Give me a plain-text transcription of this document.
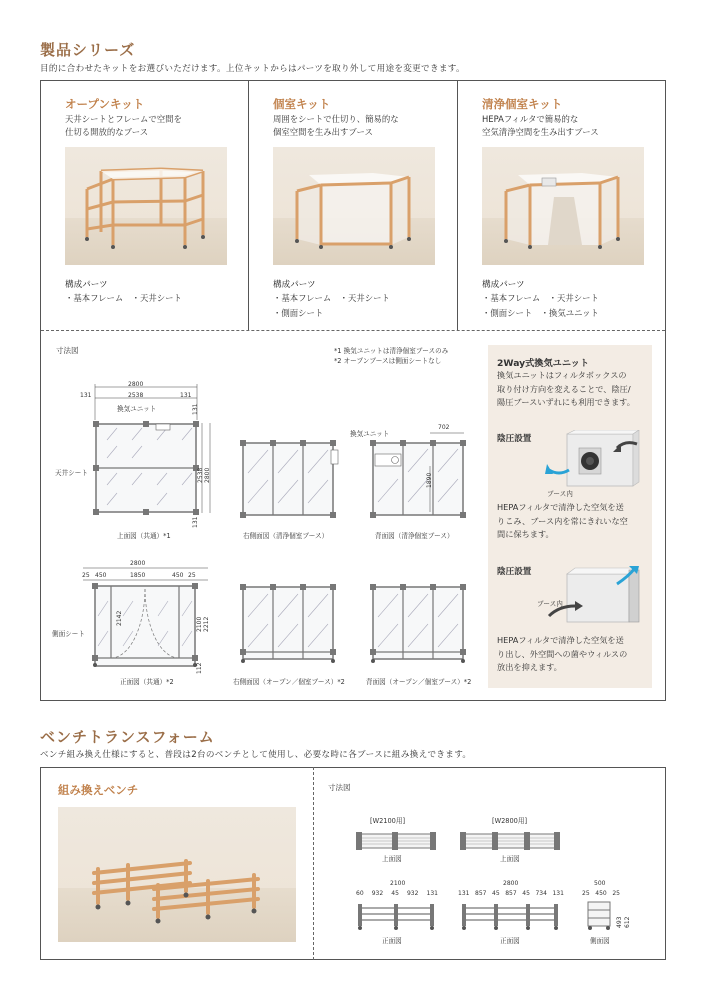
製品シリーズ
目的に合わせたキットをお選びいただけます。上位キットからはパーツを取り外して用途を変更できます。
オープンキット
天井シートとフレームで空間を
仕切る開放的なブース
構成パーツ
・基本フレーム　・天井シート
個室キット
周囲をシートで仕切り、簡易的な
個室空間を生み出すブース
構成パーツ
・基本フレーム　・天井シート
・側面シート
清浄個室キット
HEPAフィルタで簡易的な
空気清浄空間を生み出すブース
構成パーツ
・基本フレーム　・天井シート
・側面シート　・換気ユニット
寸法図	*1 換気ユニットは清浄個室ブースのみ
*2 オープンブースは側面シートなし
2800
131	2538	131
換気ユニット
天井シート
131
2538 2800
131
上面図（共通）*1	右側面図（清浄個室ブース）
換気ユニット
702
1890
背面図（清浄個室ブース）
2800
25 450	1850	450 25
側面シート
2142	2100 2212
112
正面図（共通）*2	右側面図（オープン／個室ブース）*2	背面図（オープン／個室ブース）*2
2Way式換気ユニット
換気ユニットはフィルタボックスの
取り付け方向を変えることで、陰圧/
陽圧ブースいずれにも利用できます。
陰圧設置
ブース内
HEPAフィルタで清浄した空気を送
りこみ、ブース内を常にきれいな空
間に保ちます。
陰圧設置
ブース内
HEPAフィルタで清浄した空気を送
り出し、外空間への菌やウィルスの
放出を抑えます。
ベンチトランスフォーム
ベンチ組み換え仕様にすると、普段は2台のベンチとして使用し、必要な時に各ブースに組み換えできます。
組み換えベンチ	寸法図
[W2100用]
上面図
2100
60 932 45 932 131
正面図
[W2800用]
上面図
2800
131 857 45 857 45 734 131
正面図
500
25 450 25
493 612
側面図
